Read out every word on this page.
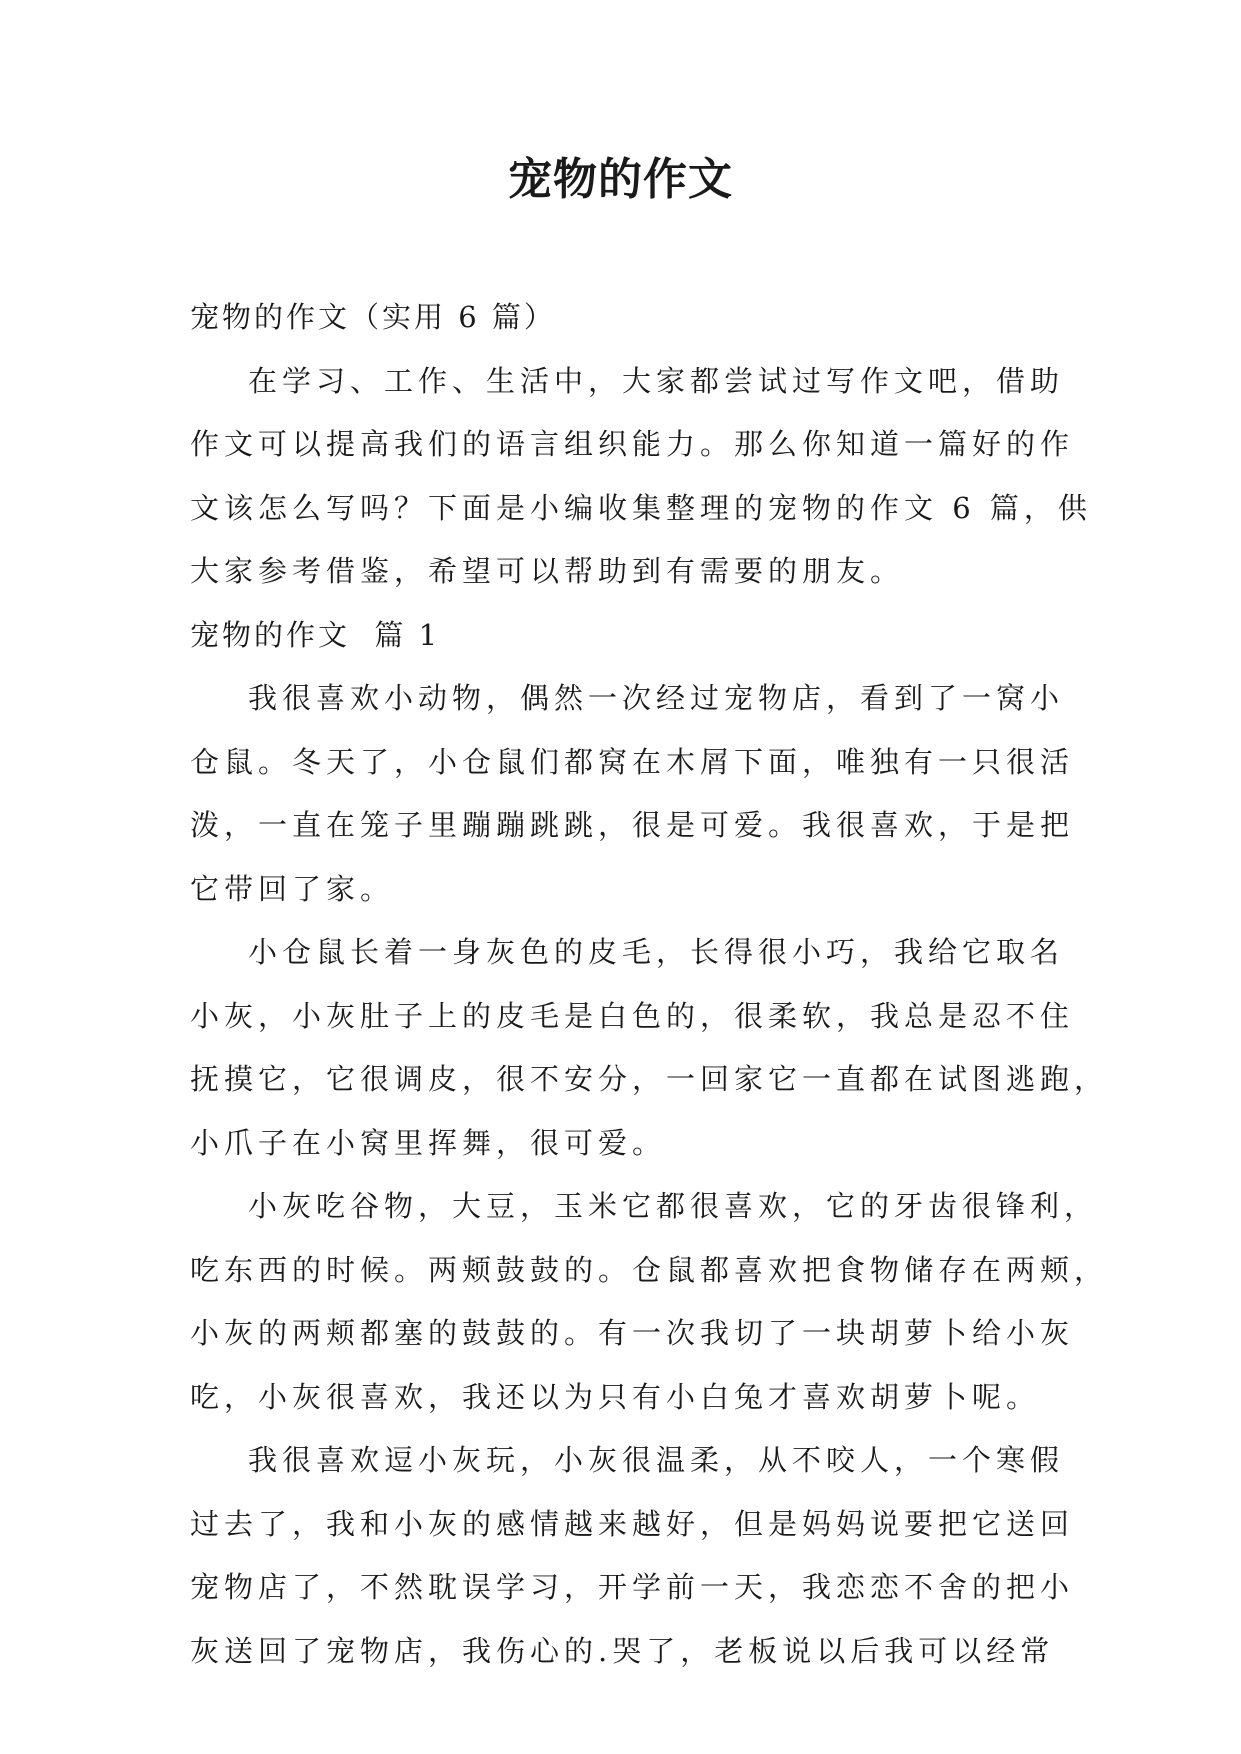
宠物的作文

宠物的作文（实用 6 篇）

在学习、工作、生活中，大家都尝试过写作文吧，借助

作文可以提高我们的语言组织能力。那么你知道一篇好的作

文该怎么写吗？下面是小编收集整理的宠物的作文 6 篇，供

大家参考借鉴，希望可以帮助到有需要的朋友。

宠物的作文  篇 1

我很喜欢小动物，偶然一次经过宠物店，看到了一窝小

仓鼠。冬天了，小仓鼠们都窝在木屑下面，唯独有一只很活

泼，一直在笼子里蹦蹦跳跳，很是可爱。我很喜欢，于是把

它带回了家。

小仓鼠长着一身灰色的皮毛，长得很小巧，我给它取名

小灰，小灰肚子上的皮毛是白色的，很柔软，我总是忍不住

抚摸它，它很调皮，很不安分，一回家它一直都在试图逃跑，

小爪子在小窝里挥舞，很可爱。

小灰吃谷物，大豆，玉米它都很喜欢，它的牙齿很锋利，

吃东西的时候。两颊鼓鼓的。仓鼠都喜欢把食物储存在两颊，

小灰的两颊都塞的鼓鼓的。有一次我切了一块胡萝卜给小灰

吃，小灰很喜欢，我还以为只有小白兔才喜欢胡萝卜呢。

我很喜欢逗小灰玩，小灰很温柔，从不咬人，一个寒假

过去了，我和小灰的感情越来越好，但是妈妈说要把它送回

宠物店了，不然耽误学习，开学前一天，我恋恋不舍的把小

灰送回了宠物店，我伤心的.哭了，老板说以后我可以经常
